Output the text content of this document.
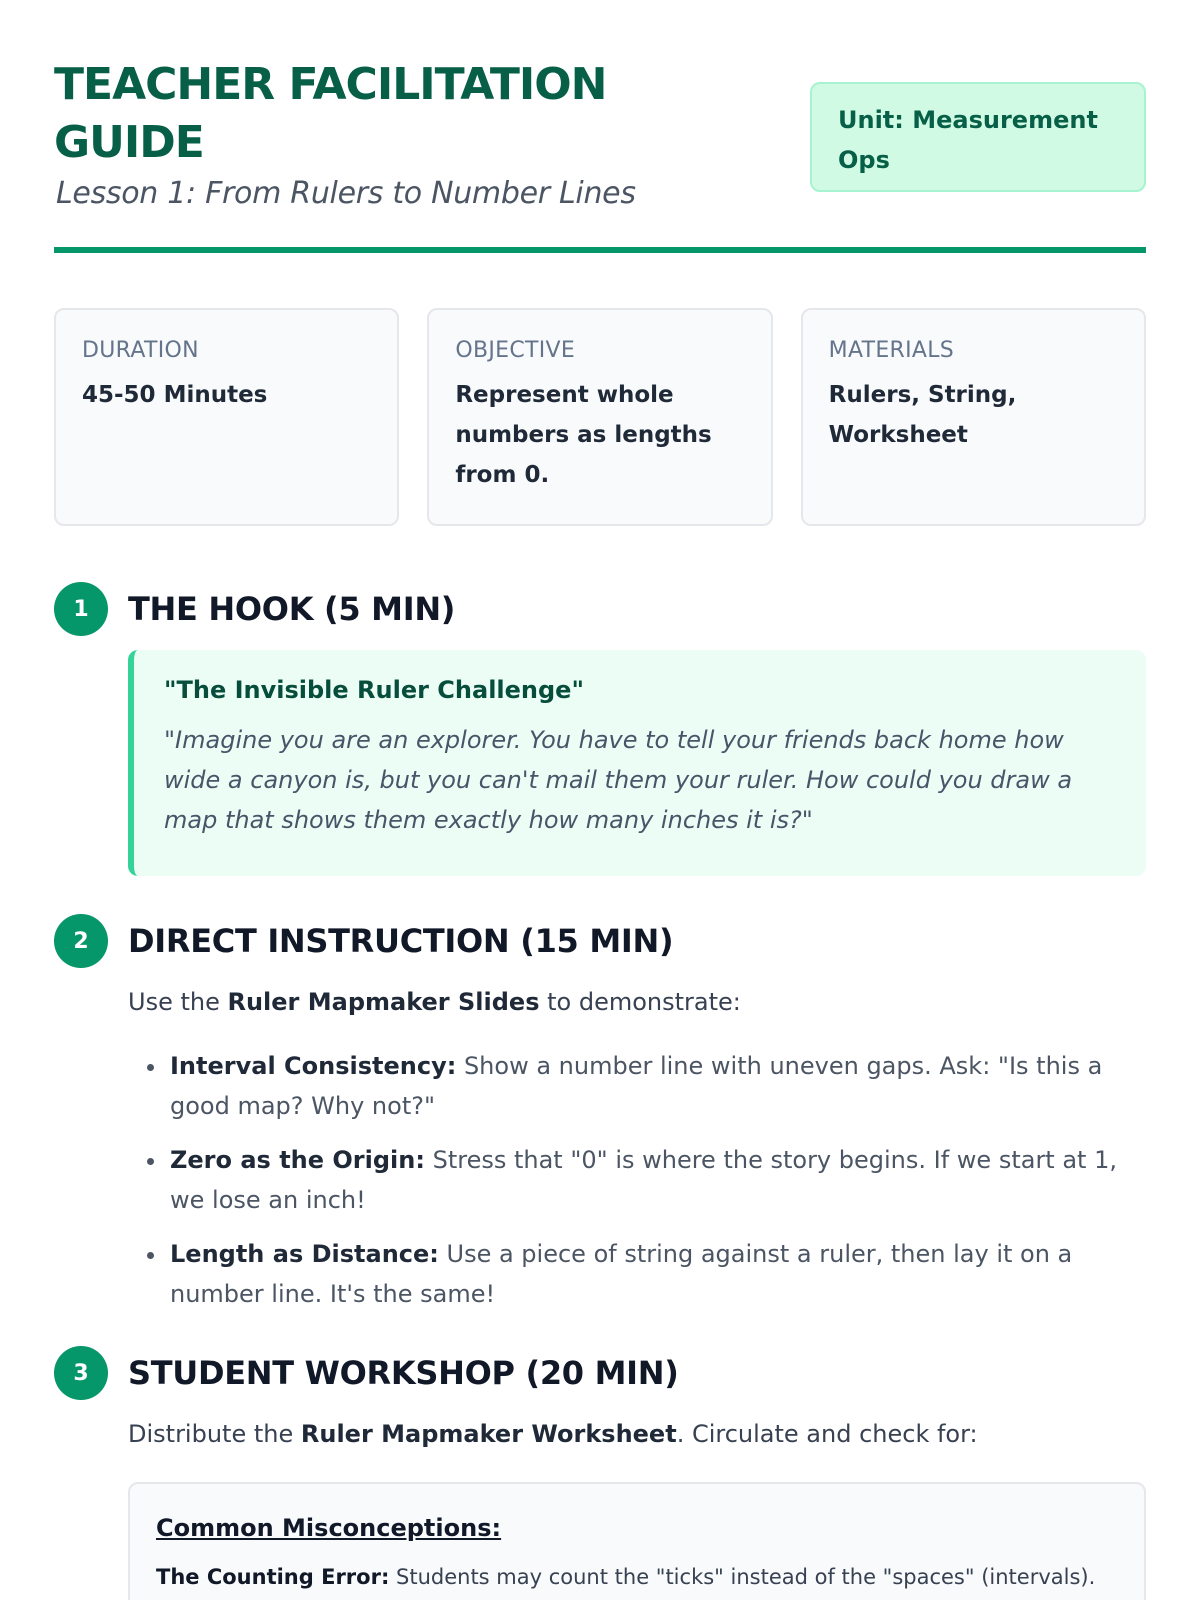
TEACHER FACILITATION GUIDE
Lesson 1: From Rulers to Number Lines
Unit: Measurement Ops
DURATION
45-50 Minutes
OBJECTIVE
Represent whole numbers as lengths from 0.
MATERIALS
Rulers, String, Worksheet
1	THE HOOK (5 MIN)
"The Invisible Ruler Challenge"
"Imagine you are an explorer. You have to tell your friends back home how wide a canyon is, but you can't mail them your ruler. How could you draw a map that shows them exactly how many inches it is?"
2	DIRECT INSTRUCTION (15 MIN)

Use the Ruler Mapmaker Slides to demonstrate:

• Interval Consistency: Show a number line with uneven gaps. Ask: "Is this a good map? Why not?"
• Zero as the Origin: Stress that "0" is where the story begins. If we start at 1, we lose an inch!
• Length as Distance: Use a piece of string against a ruler, then lay it on a number line. It's the same!
3	STUDENT WORKSHOP (20 MIN)

Distribute the Ruler Mapmaker Worksheet. Circulate and check for:

Common Misconceptions:

The Counting Error: Students may count the "ticks" instead of the "spaces" (intervals).
